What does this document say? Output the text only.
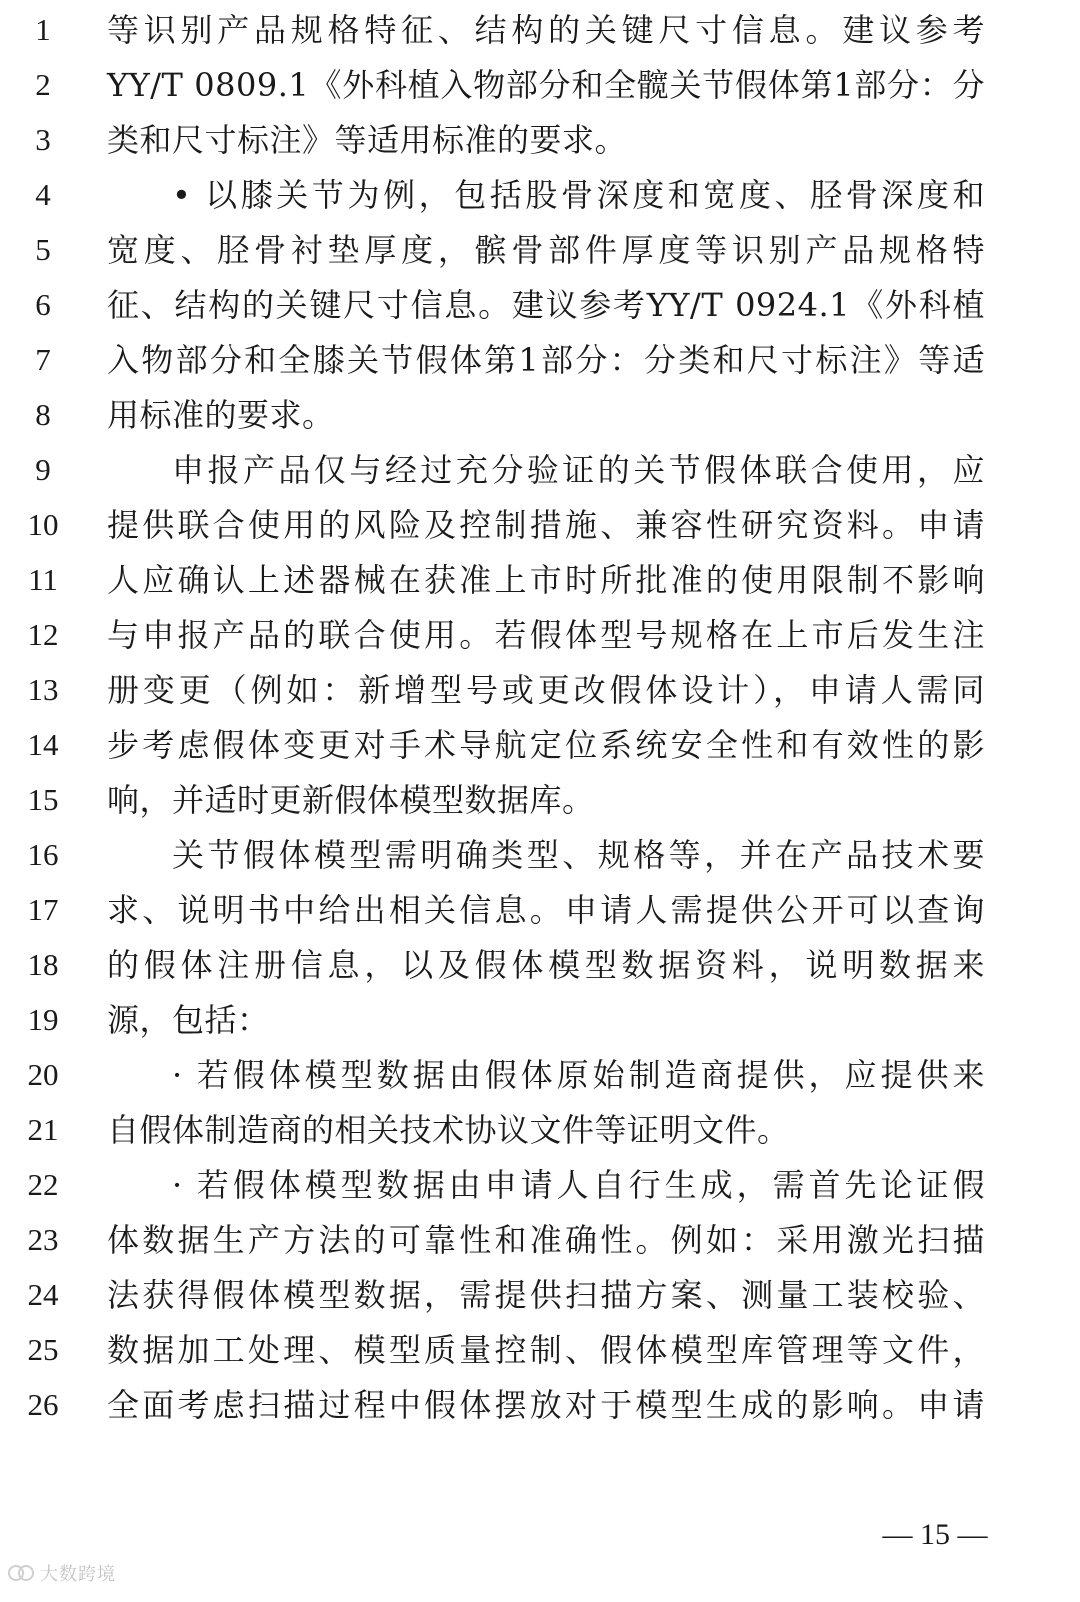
1	等识别产品规格特征、结构的关键尺寸信息。建议参考
2	YY/T 0809.1《外科植入物部分和全髋关节假体第1部分：分
3	类和尺寸标注》等适用标准的要求。
4	• 以膝关节为例，包括股骨深度和宽度、胫骨深度和
5	宽度、胫骨衬垫厚度，髌骨部件厚度等识别产品规格特
6	征、结构的关键尺寸信息。建议参考YY/T 0924.1《外科植
7	入物部分和全膝关节假体第1部分：分类和尺寸标注》等适
8	用标准的要求。
9	申报产品仅与经过充分验证的关节假体联合使用，应
10	提供联合使用的风险及控制措施、兼容性研究资料。申请
11	人应确认上述器械在获准上市时所批准的使用限制不影响
12	与申报产品的联合使用。若假体型号规格在上市后发生注
13	册变更（例如：新增型号或更改假体设计），申请人需同
14	步考虑假体变更对手术导航定位系统安全性和有效性的影
15	响，并适时更新假体模型数据库。
16	关节假体模型需明确类型、规格等，并在产品技术要
17	求、说明书中给出相关信息。申请人需提供公开可以查询
18	的假体注册信息，以及假体模型数据资料，说明数据来
19	源，包括：
20	· 若假体模型数据由假体原始制造商提供，应提供来
21	自假体制造商的相关技术协议文件等证明文件。
22	· 若假体模型数据由申请人自行生成，需首先论证假
23	体数据生产方法的可靠性和准确性。例如：采用激光扫描
24	法获得假体模型数据，需提供扫描方案、测量工装校验、
25	数据加工处理、模型质量控制、假体模型库管理等文件，
26	全面考虑扫描过程中假体摆放对于模型生成的影响。申请
— 15 —
大数跨境
